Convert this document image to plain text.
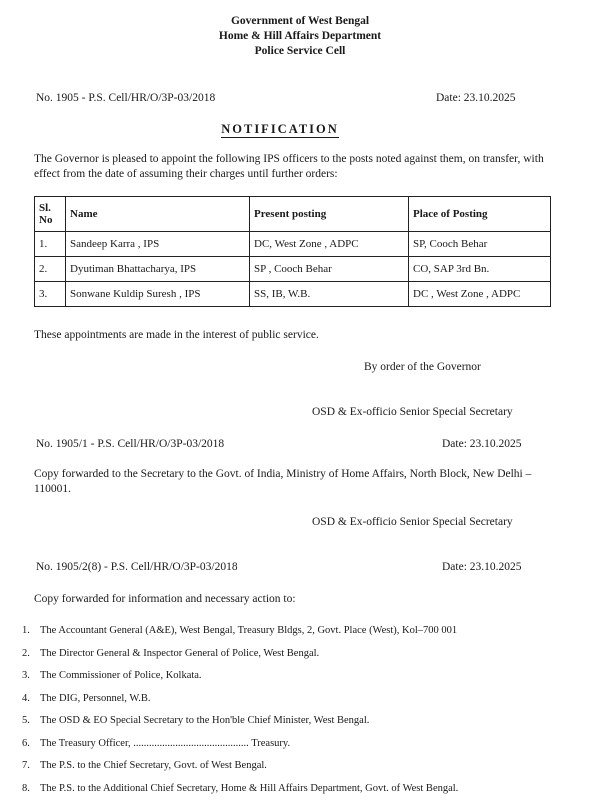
Government of West Bengal
Home & Hill Affairs Department
Police Service Cell
No. 1905 - P.S. Cell/HR/O/3P-03/2018	Date: 23.10.2025
NOTIFICATION
The Governor is pleased to appoint the following IPS officers to the posts noted against them, on transfer, with effect from the date of assuming their charges until further orders:
Sl.
No	Name	Present posting	Place of Posting
1.	Sandeep Karra , IPS	DC, West Zone , ADPC	SP, Cooch Behar
2.	Dyutiman Bhattacharya, IPS	SP , Cooch Behar	CO, SAP 3rd Bn.
3.	Sonwane Kuldip Suresh , IPS	SS, IB, W.B.	DC , West Zone , ADPC
These appointments are made in the interest of public service.
By order of the Governor
OSD & Ex-officio Senior Special Secretary
No. 1905/1 - P.S. Cell/HR/O/3P-03/2018	Date: 23.10.2025
Copy forwarded to the Secretary to the Govt. of India, Ministry of Home Affairs, North Block, New Delhi – 110001.
OSD & Ex-officio Senior Special Secretary
No. 1905/2(8) - P.S. Cell/HR/O/3P-03/2018	Date: 23.10.2025
Copy forwarded for information and necessary action to:
1. The Accountant General (A&E), West Bengal, Treasury Bldgs, 2, Govt. Place (West), Kol–700 001
2. The Director General & Inspector General of Police, West Bengal.
3. The Commissioner of Police, Kolkata.
4. The DIG, Personnel, W.B.
5. The OSD & EO Special Secretary to the Hon'ble Chief Minister, West Bengal.
6. The Treasury Officer, ............................................ Treasury.
7. The P.S. to the Chief Secretary, Govt. of West Bengal.
8. The P.S. to the Additional Chief Secretary, Home & Hill Affairs Department, Govt. of West Bengal.
